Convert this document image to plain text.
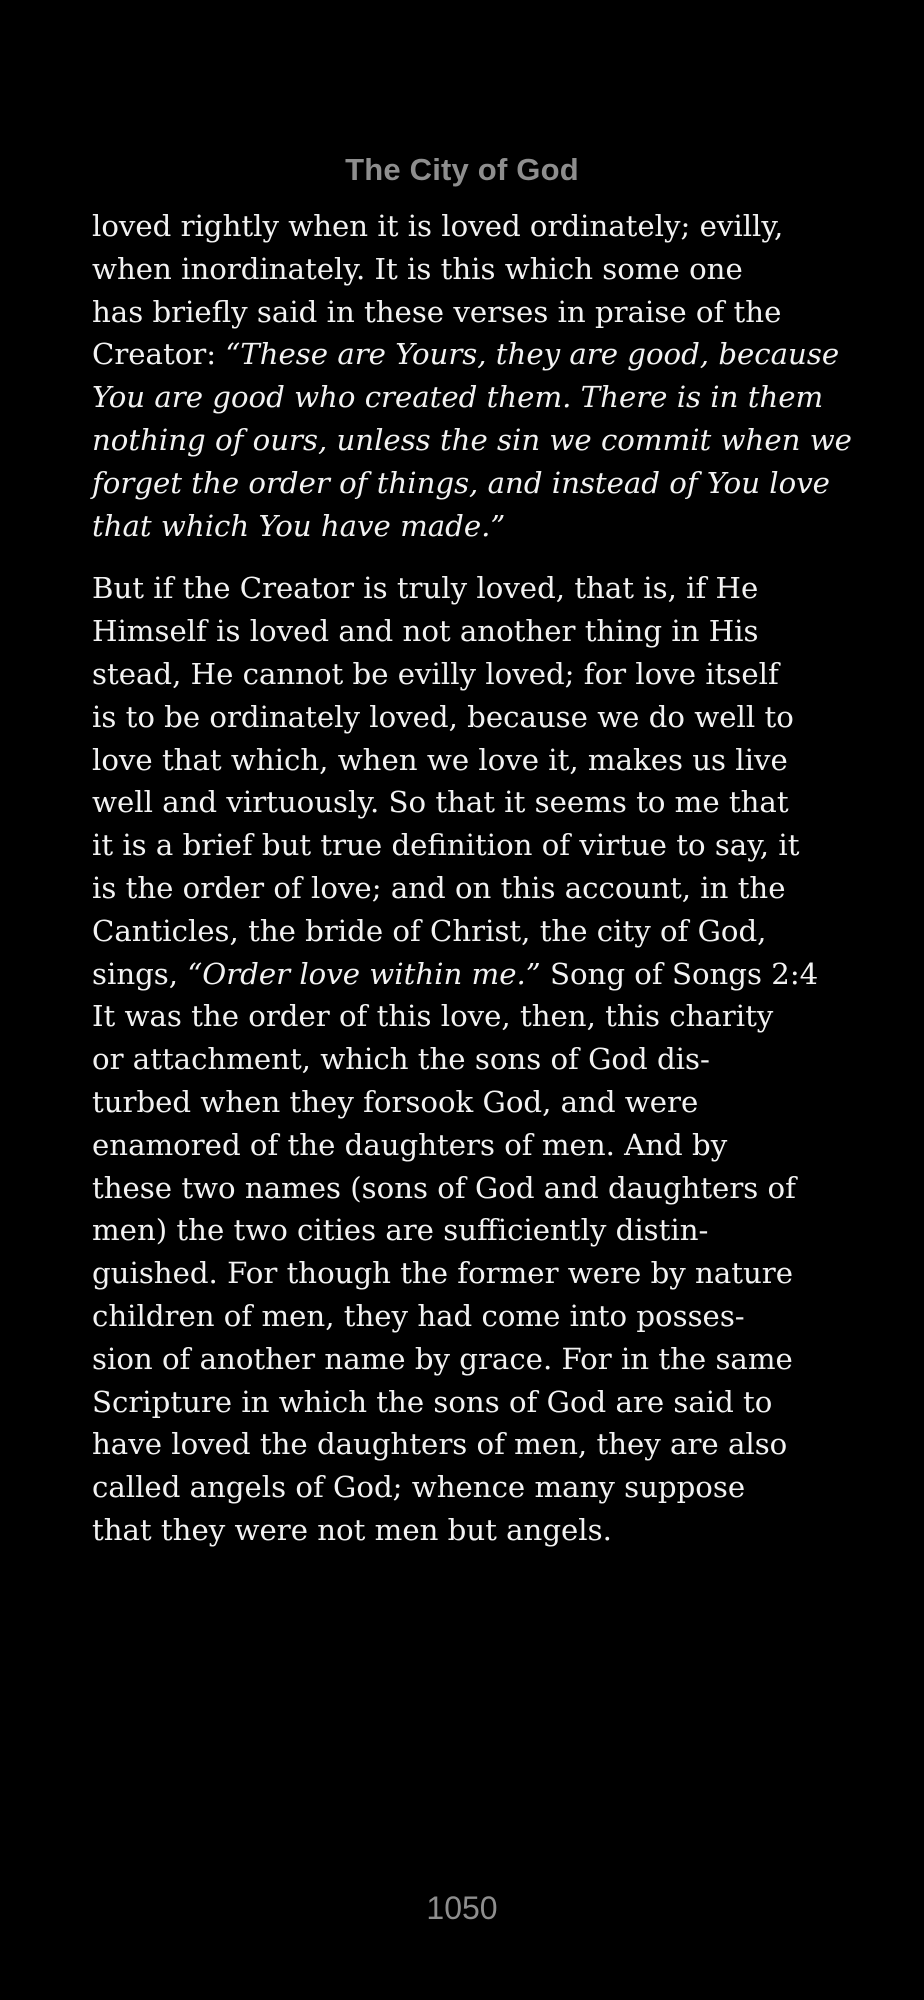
The City of God

loved rightly when it is loved ordinately; evilly,
when inordinately. It is this which some one
has briefly said in these verses in praise of the
Creator: “These are Yours, they are good, because
You are good who created them. There is in them
nothing of ours, unless the sin we commit when we
forget the order of things, and instead of You love
that which You have made.”

But if the Creator is truly loved, that is, if He
Himself is loved and not another thing in His
stead, He cannot be evilly loved; for love itself
is to be ordinately loved, because we do well to
love that which, when we love it, makes us live
well and virtuously. So that it seems to me that
it is a brief but true definition of virtue to say, it
is the order of love; and on this account, in the
Canticles, the bride of Christ, the city of God,
sings, “Order love within me.” Song of Songs 2:4
It was the order of this love, then, this charity
or attachment, which the sons of God dis-
turbed when they forsook God, and were
enamored of the daughters of men. And by
these two names (sons of God and daughters of
men) the two cities are sufficiently distin-
guished. For though the former were by nature
children of men, they had come into posses-
sion of another name by grace. For in the same
Scripture in which the sons of God are said to
have loved the daughters of men, they are also
called angels of God; whence many suppose
that they were not men but angels.

1050
